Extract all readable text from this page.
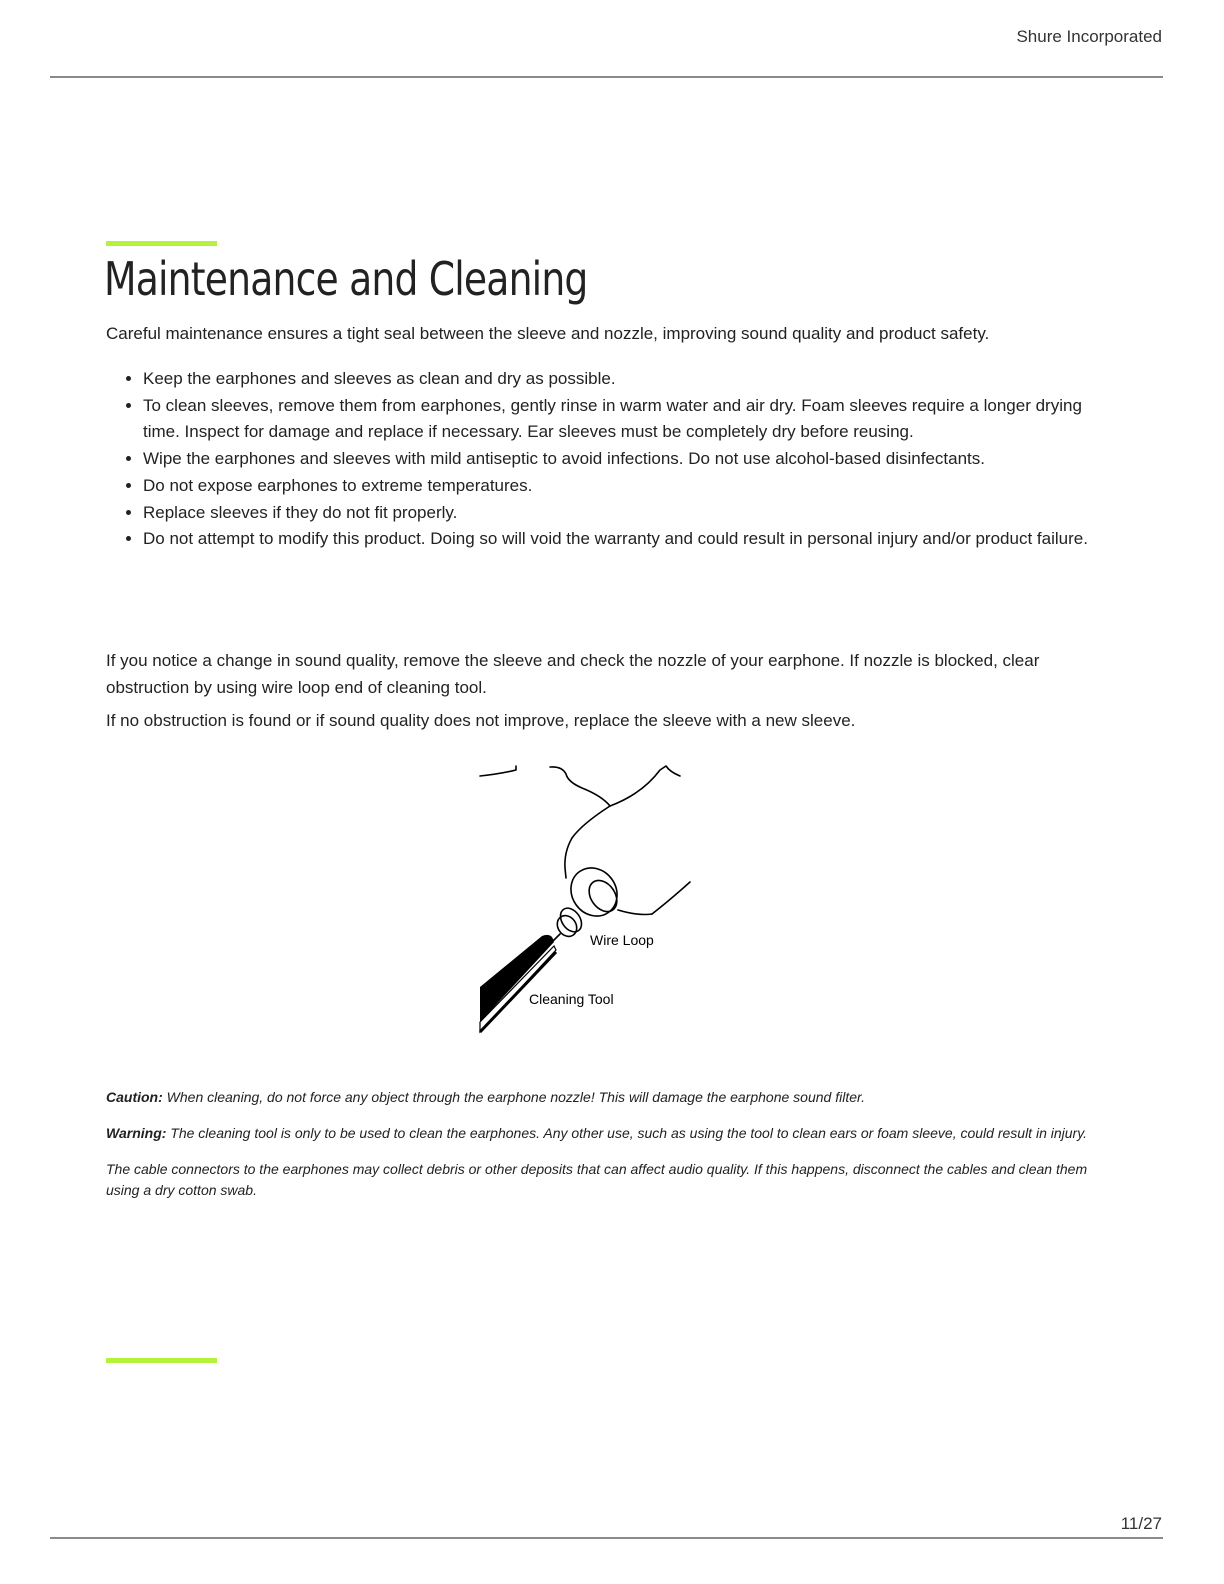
Shure Incorporated
Maintenance and Cleaning

Careful maintenance ensures a tight seal between the sleeve and nozzle, improving sound quality and product safety.

• Keep the earphones and sleeves as clean and dry as possible.
• To clean sleeves, remove them from earphones, gently rinse in warm water and air dry. Foam sleeves require a longer drying time. Inspect for damage and replace if necessary. Ear sleeves must be completely dry before reusing.
• Wipe the earphones and sleeves with mild antiseptic to avoid infections. Do not use alcohol-based disinfectants.
• Do not expose earphones to extreme temperatures.
• Replace sleeves if they do not fit properly.
• Do not attempt to modify this product. Doing so will void the warranty and could result in personal injury and/or product failure.

If you notice a change in sound quality, remove the sleeve and check the nozzle of your earphone. If nozzle is blocked, clear obstruction by using wire loop end of cleaning tool.

If no obstruction is found or if sound quality does not improve, replace the sleeve with a new sleeve.

Wire Loop
Cleaning Tool

Caution: When cleaning, do not force any object through the earphone nozzle! This will damage the earphone sound filter.

Warning: The cleaning tool is only to be used to clean the earphones. Any other use, such as using the tool to clean ears or foam sleeve, could result in injury.

The cable connectors to the earphones may collect debris or other deposits that can affect audio quality. If this happens, disconnect the cables and clean them using a dry cotton swab.

11/27
